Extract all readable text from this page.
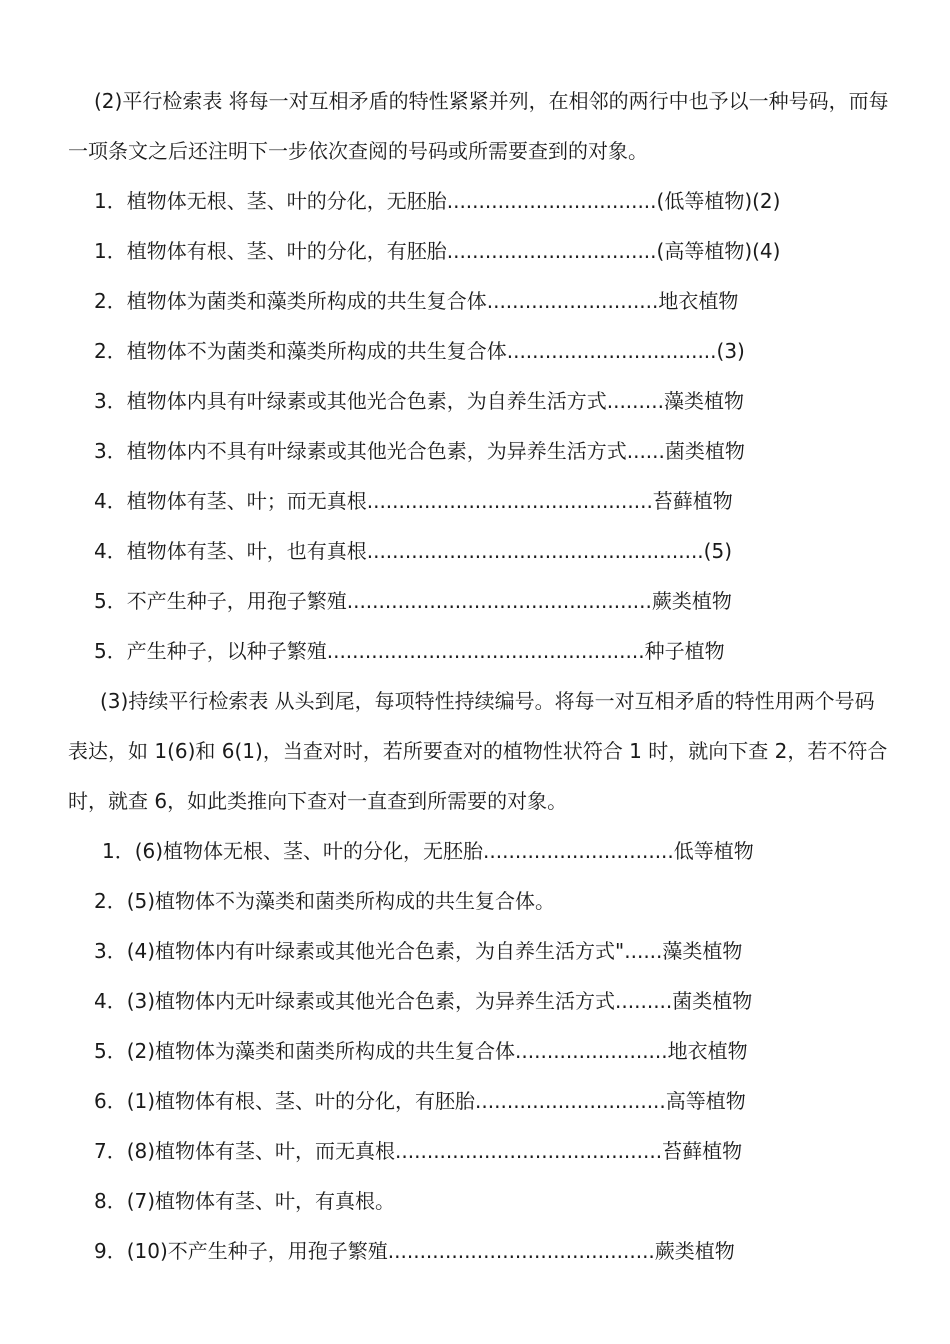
(2)平行检索表 将每一对互相矛盾的特性紧紧并列，在相邻的两行中也予以一种号码，而每一项条文之后还注明下一步依次查阅的号码或所需要查到的对象。

1．植物体无根、茎、叶的分化，无胚胎.................................(低等植物)(2)

1．植物体有根、茎、叶的分化，有胚胎.................................(高等植物)(4)

2．植物体为菌类和藻类所构成的共生复合体...........................地衣植物

2．植物体不为菌类和藻类所构成的共生复合体.................................(3)

3．植物体内具有叶绿素或其他光合色素，为自养生活方式.........藻类植物

3．植物体内不具有叶绿素或其他光合色素，为异养生活方式......菌类植物

4．植物体有茎、叶；而无真根.............................................苔藓植物

4．植物体有茎、叶，也有真根.....................................................(5)

5．不产生种子，用孢子繁殖................................................蕨类植物

5．产生种子，以种子繁殖..................................................种子植物

(3)持续平行检索表 从头到尾，每项特性持续编号。将每一对互相矛盾的特性用两个号码表达，如 1(6)和 6(1)，当查对时，若所要查对的植物性状符合 1 时，就向下查 2，若不符合时，就查 6，如此类推向下查对一直查到所需要的对象。

1．(6)植物体无根、茎、叶的分化，无胚胎..............................低等植物

2．(5)植物体不为藻类和菌类所构成的共生复合体。

3．(4)植物体内有叶绿素或其他光合色素，为自养生活方式"......藻类植物

4．(3)植物体内无叶绿素或其他光合色素，为异养生活方式.........菌类植物

5．(2)植物体为藻类和菌类所构成的共生复合体........................地衣植物

6．(1)植物体有根、茎、叶的分化，有胚胎..............................高等植物

7．(8)植物体有茎、叶，而无真根..........................................苔藓植物

8．(7)植物体有茎、叶，有真根。

9．(10)不产生种子，用孢子繁殖..........................................蕨类植物
